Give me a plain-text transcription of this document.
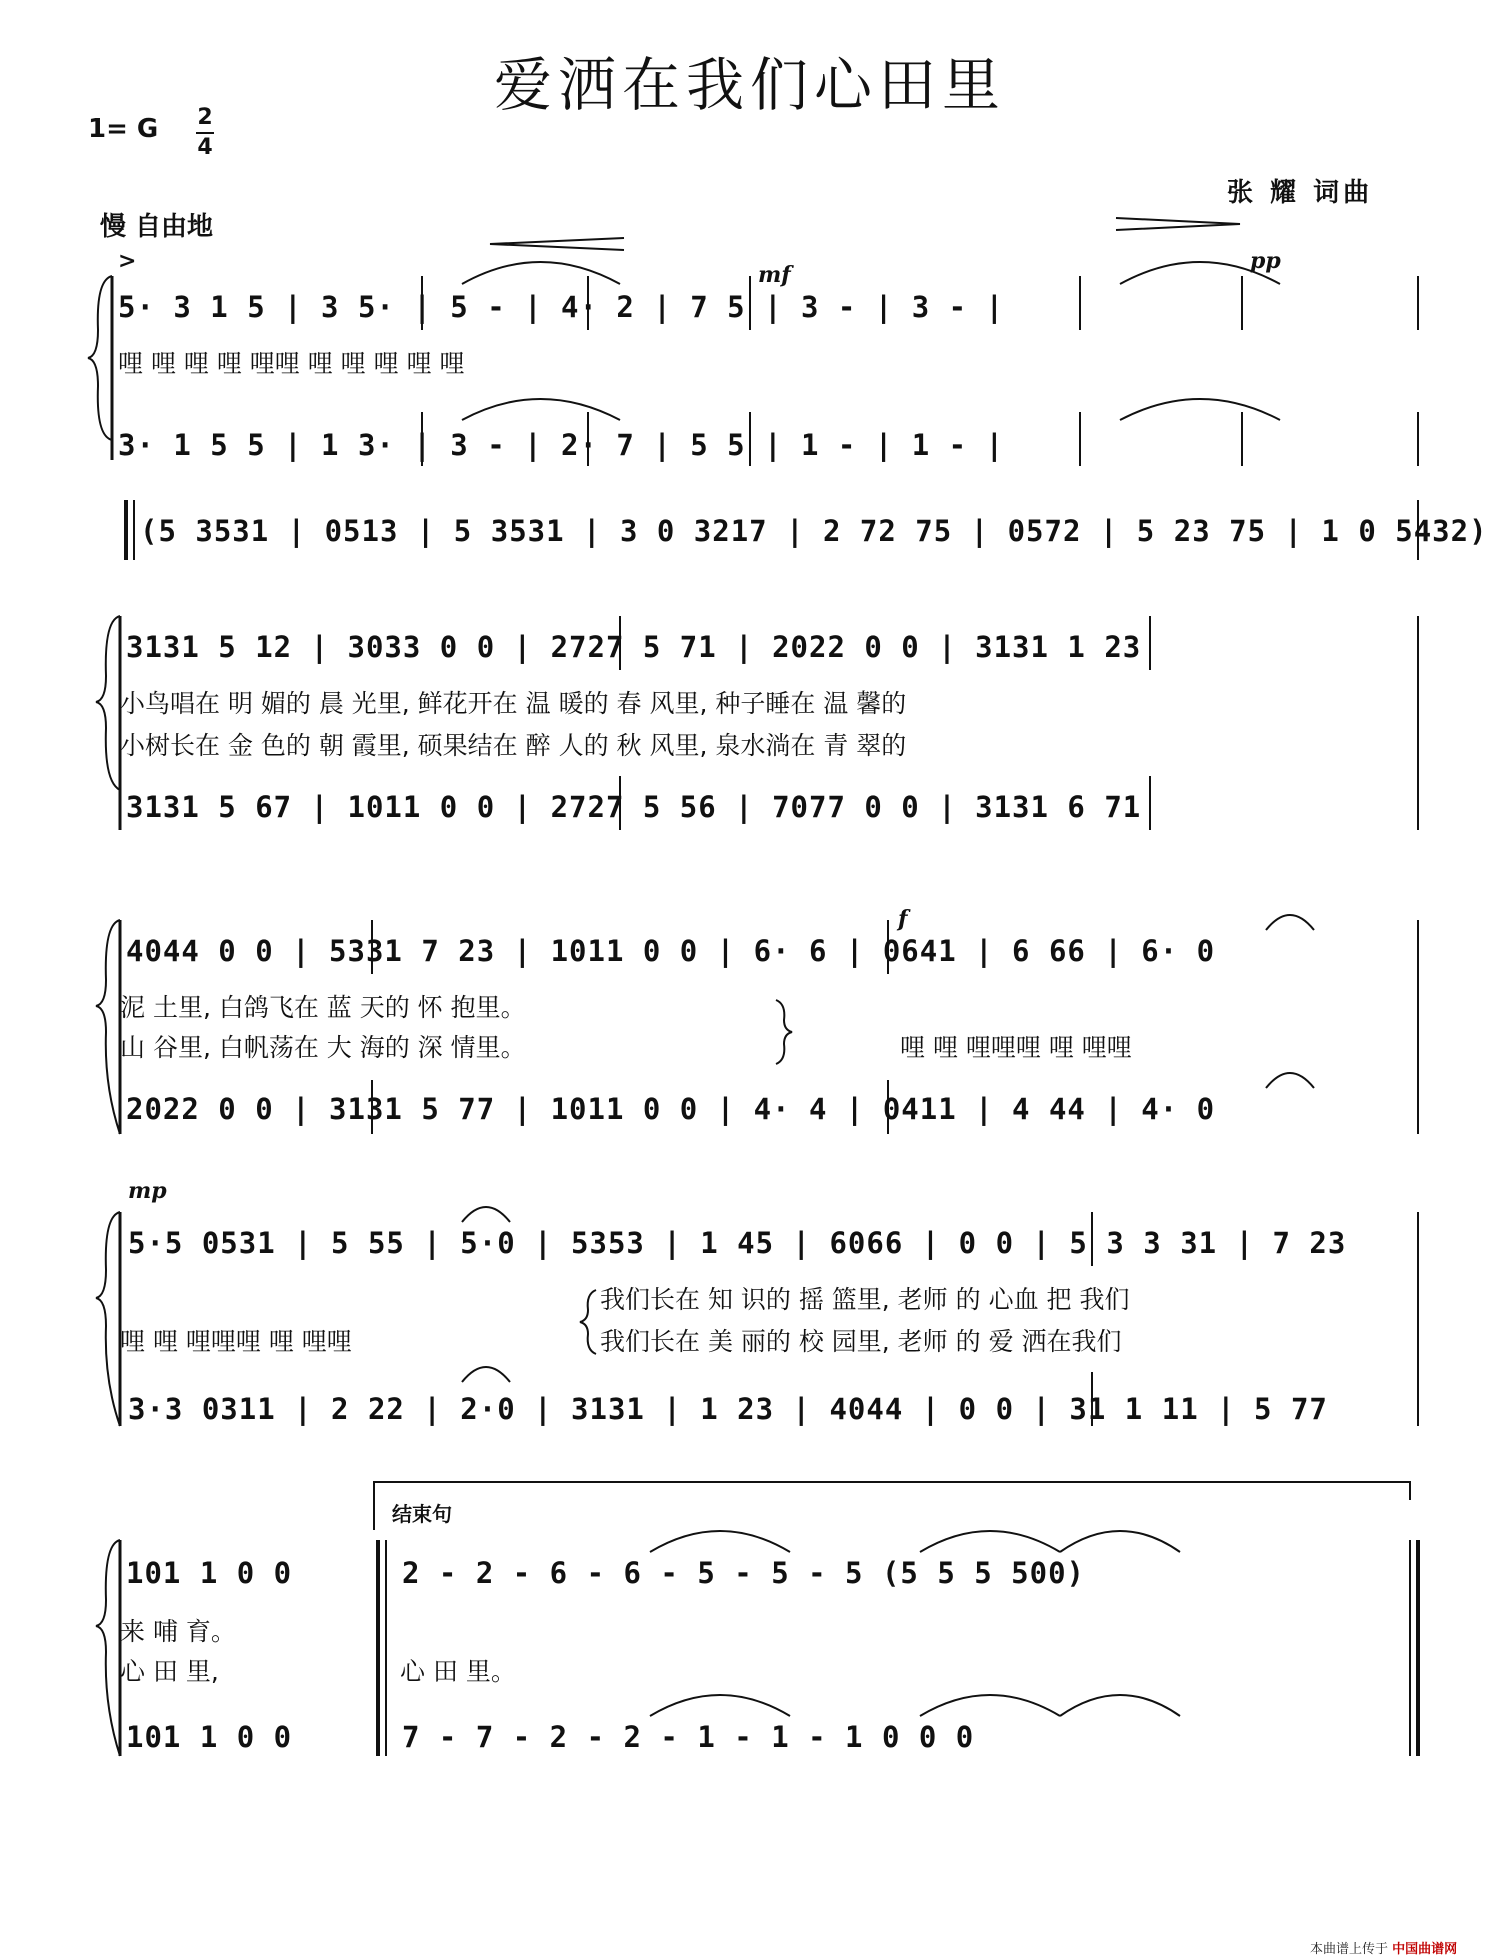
爱洒在我们心田里
1= G 2
4
慢 自由地
张 耀 词曲
>
mf
pp
5· 3 1 5 | 3 5· | 5 - | 4· 2 | 7 5 | 3 - | 3 - |
哩 哩 哩 哩 哩哩 哩 哩 哩 哩 哩
3· 1 5 5 | 1 3· | 3 - | 2· 7 | 5 5 | 1 - | 1 - |
(5 3531 | 0513 | 5 3531 | 3 0 3217 | 2 72 75 | 0572 | 5 23 75 | 1 0 5432)
3131 5 12 | 3033 0 0 | 2727 5 71 | 2022 0 0 | 3131 1 23
小鸟唱在 明 媚的 晨 光里, 鲜花开在 温 暖的 春 风里, 种子睡在 温 馨的
小树长在 金 色的 朝 霞里, 硕果结在 醉 人的 秋 风里, 泉水淌在 青 翠的
3131 5 67 | 1011 0 0 | 2727 5 56 | 7077 0 0 | 3131 6 71
f
4044 0 0 | 5331 7 23 | 1011 0 0 | 6· 6 | 0641 | 6 66 | 6· 0
泥 土里, 白鸽飞在 蓝 天的 怀 抱里。
山 谷里, 白帆荡在 大 海的 深 情里。	哩 哩 哩哩哩 哩 哩哩
2022 0 0 | 3131 5 77 | 1011 0 0 | 4· 4 | 0411 | 4 44 | 4· 0
mp
5·5 0531 | 5 55 | 5·0 | 5353 | 1 45 | 6066 | 0 0 | 5 3 3 31 | 7 23
我们长在 知 识的 摇 篮里, 老师 的 心血 把 我们
我们长在 美 丽的 校 园里, 老师 的 爱 洒在我们
哩 哩 哩哩哩 哩 哩哩
3·3 0311 | 2 22 | 2·0 | 3131 | 1 23 | 4044 | 0 0 | 31 1 11 | 5 77
结束句
101 1 0 0	2 - 2 - 6 - 6 - 5 - 5 - 5 (5 5 5 500)
来 哺 育。
心 田 里,	心 田 里。
101 1 0 0	7 - 7 - 2 - 2 - 1 - 1 - 1 0 0 0
本曲谱上传于 中国曲谱网
